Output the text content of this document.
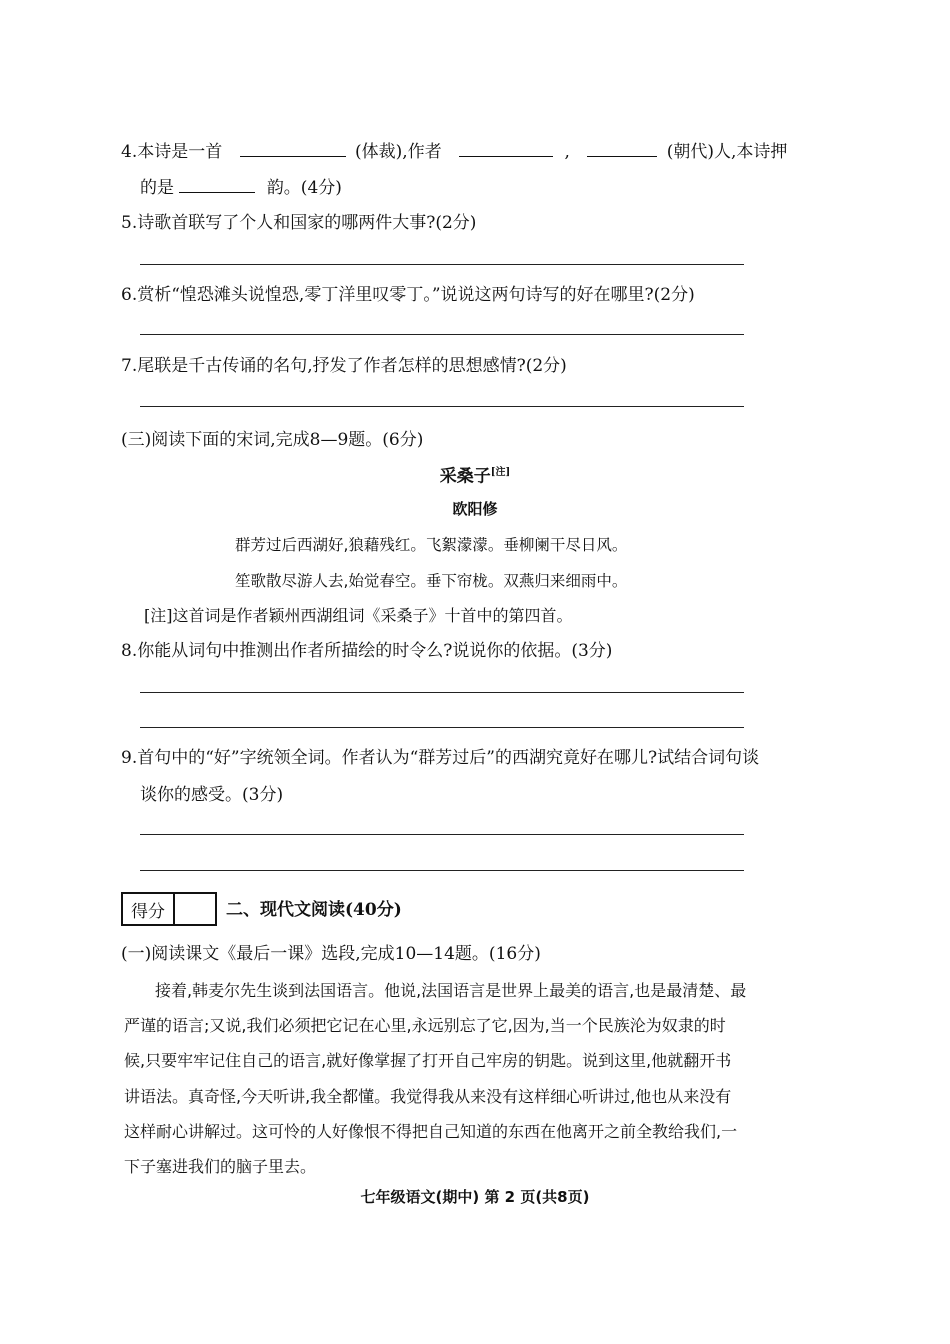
4.本诗是一首	(体裁),作者	,	(朝代)人,本诗押
的是	韵。(4分)
5.诗歌首联写了个人和国家的哪两件大事?(2分)
6.赏析“惶恐滩头说惶恐,零丁洋里叹零丁。”说说这两句诗写的好在哪里?(2分)
7.尾联是千古传诵的名句,抒发了作者怎样的思想感情?(2分)
(三)阅读下面的宋词,完成8—9题。(6分)
采桑子[注]
欧阳修
群芳过后西湖好,狼藉残红。飞絮濛濛。垂柳阑干尽日风。
笙歌散尽游人去,始觉春空。垂下帘栊。双燕归来细雨中。
[注]这首词是作者颖州西湖组词《采桑子》十首中的第四首。
8.你能从词句中推测出作者所描绘的时令么?说说你的依据。(3分)
9.首句中的“好”字统领全词。作者认为“群芳过后”的西湖究竟好在哪儿?试结合词句谈
谈你的感受。(3分)
得分	二、现代文阅读(40分)
(一)阅读课文《最后一课》选段,完成10—14题。(16分)
接着,韩麦尔先生谈到法国语言。他说,法国语言是世界上最美的语言,也是最清楚、最
严谨的语言;又说,我们必须把它记在心里,永远别忘了它,因为,当一个民族沦为奴隶的时
候,只要牢牢记住自己的语言,就好像掌握了打开自己牢房的钥匙。说到这里,他就翻开书
讲语法。真奇怪,今天听讲,我全都懂。我觉得我从来没有这样细心听讲过,他也从来没有
这样耐心讲解过。这可怜的人好像恨不得把自己知道的东西在他离开之前全教给我们,一
下子塞进我们的脑子里去。
七年级语文(期中) 第 2 页(共8页)
